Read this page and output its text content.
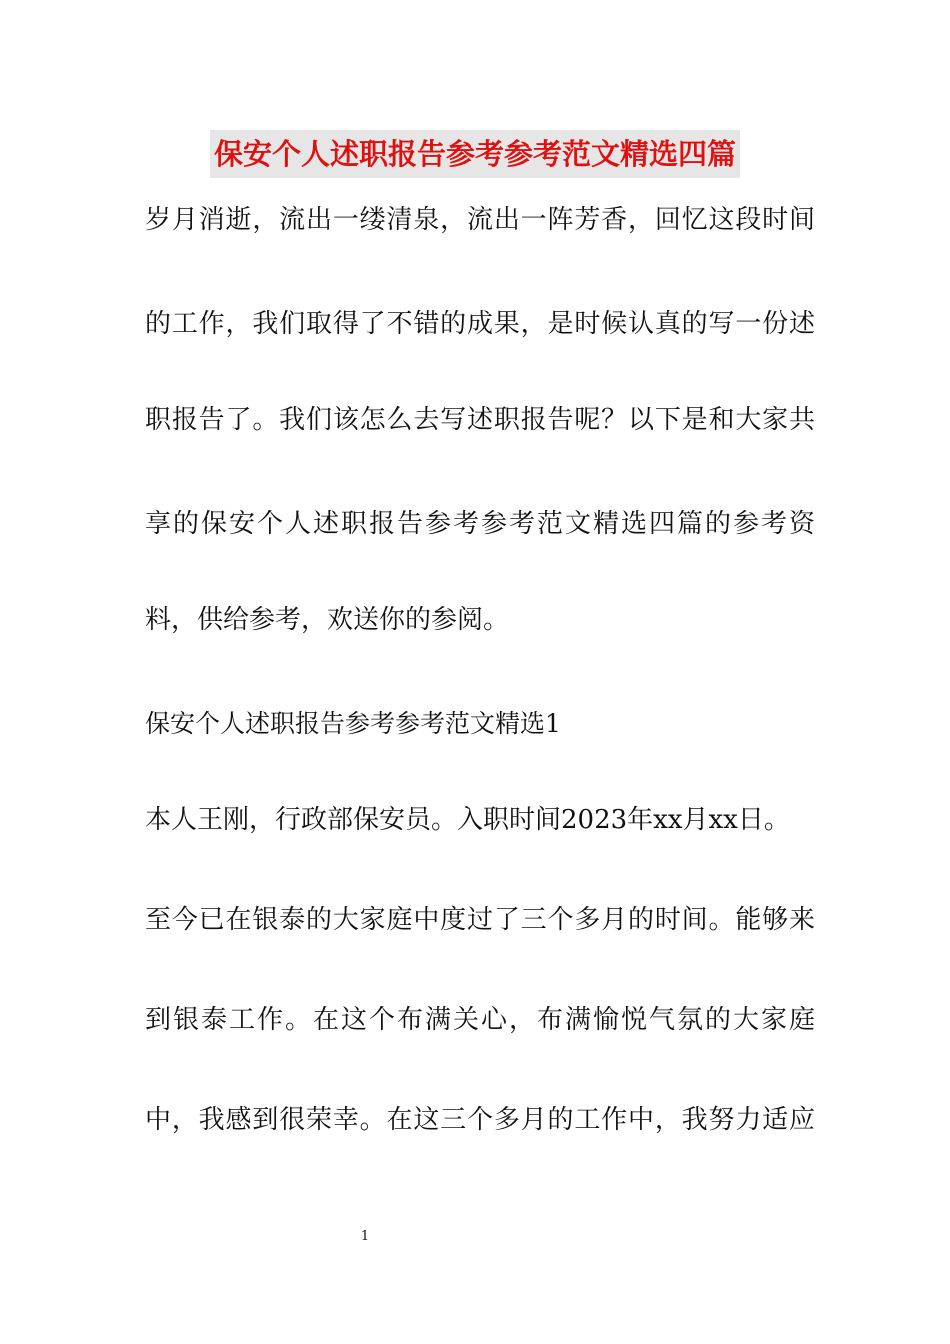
保安个人述职报告参考参考范文精选四篇
岁月消逝，流出一缕清泉，流出一阵芳香，回忆这段时间
的工作，我们取得了不错的成果，是时候认真的写一份述
职报告了。我们该怎么去写述职报告呢？以下是和大家共
享的保安个人述职报告参考参考范文精选四篇的参考资
料，供给参考，欢送你的参阅。
保安个人述职报告参考参考范文精选1
本人王刚，行政部保安员。入职时间2023年xx月xx日。
至今已在银泰的大家庭中度过了三个多月的时间。能够来
到银泰工作。在这个布满关心，布满愉悦气氛的大家庭
中，我感到很荣幸。在这三个多月的工作中，我努力适应
1
